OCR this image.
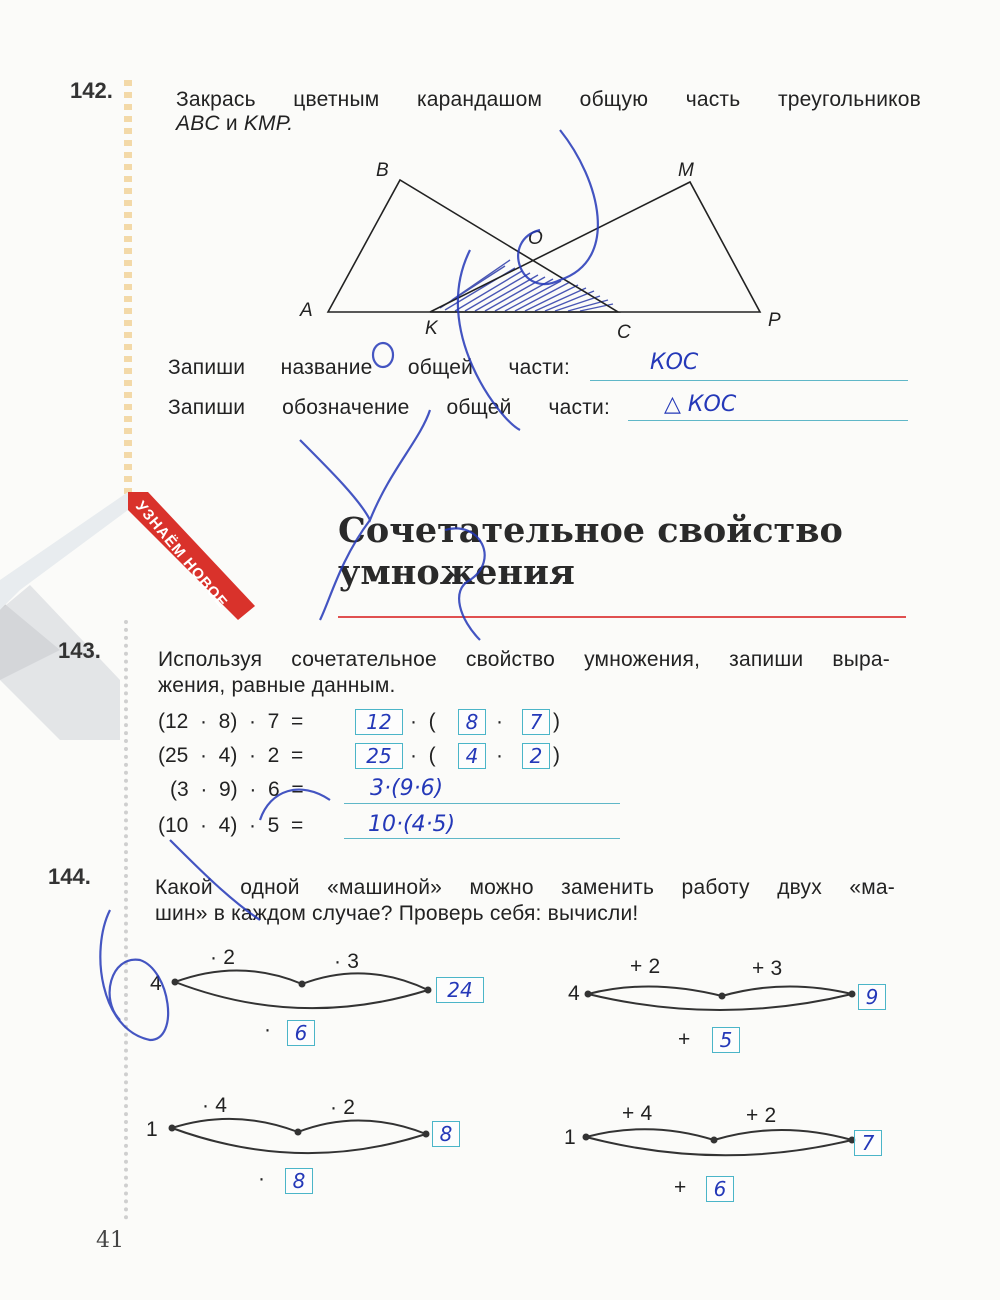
УЗНАЁМ НОВОЕ
142.	Закрась цветным карандашом общую часть треугольников
ABC и KMP.
B	M
O
A
K	C
P
Запиши название общей части:	КОС
Запиши обозначение общей части: △ КОС
Сочетательное свойство
умножения
143.	Используя сочетательное свойство умножения, запиши выра-
жения, равные данным.
(12  ·  8)  ·  7  =	12 ·  (	8 ·	7 )
(25  ·  4)  ·  2  =	25 ·  (	4 ·	2 )
(3  ·  9)  ·  6  =	3·(9·6)
(10  ·  4)  ·  5  =	10·(4·5)
144.	Какой одной «машиной» можно заменить работу двух «ма-
шин» в каждом случае? Проверь себя: вычисли!
4
· 2	· 3
24
·	6
4
+ 2	+ 3
9
+	5
1
· 4	· 2
8
·	8
1
+ 4	+ 2
7
+	6
41
